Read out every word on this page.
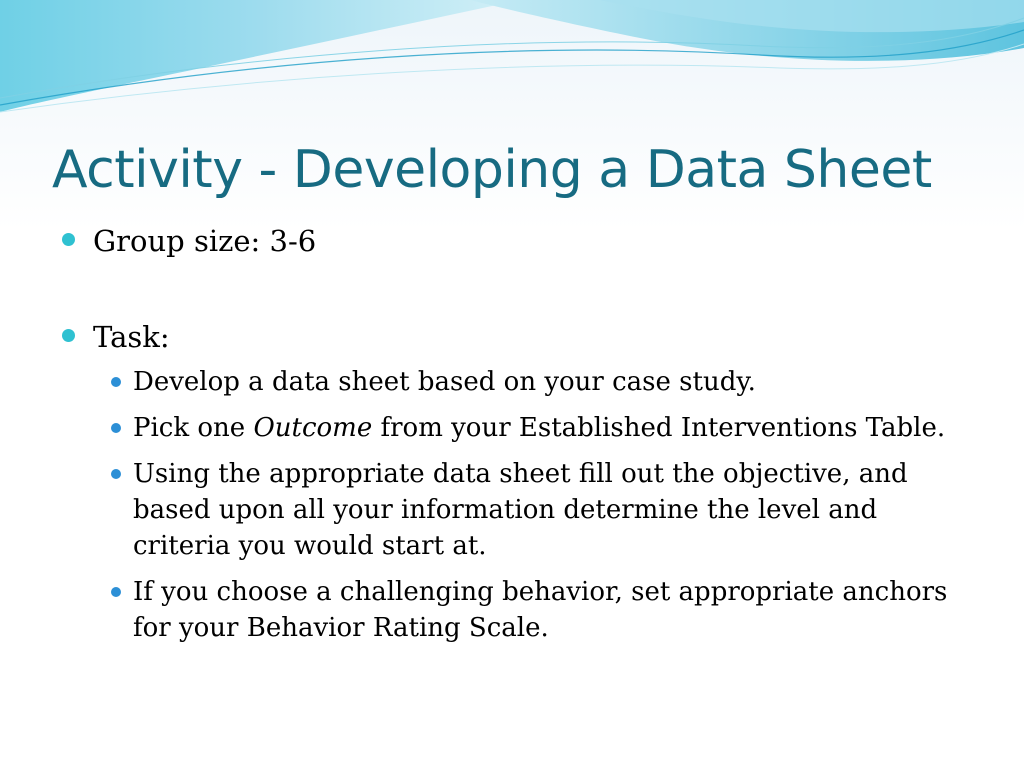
Activity - Developing a Data Sheet
Group size: 3-6
Task:
Develop a data sheet based on your case study.
Pick one Outcome from your Established Interventions Table.
Using the appropriate data sheet fill out the objective, and based upon all your information determine the level and criteria you would start at.
If you choose a challenging behavior, set appropriate anchors for your Behavior Rating Scale.
